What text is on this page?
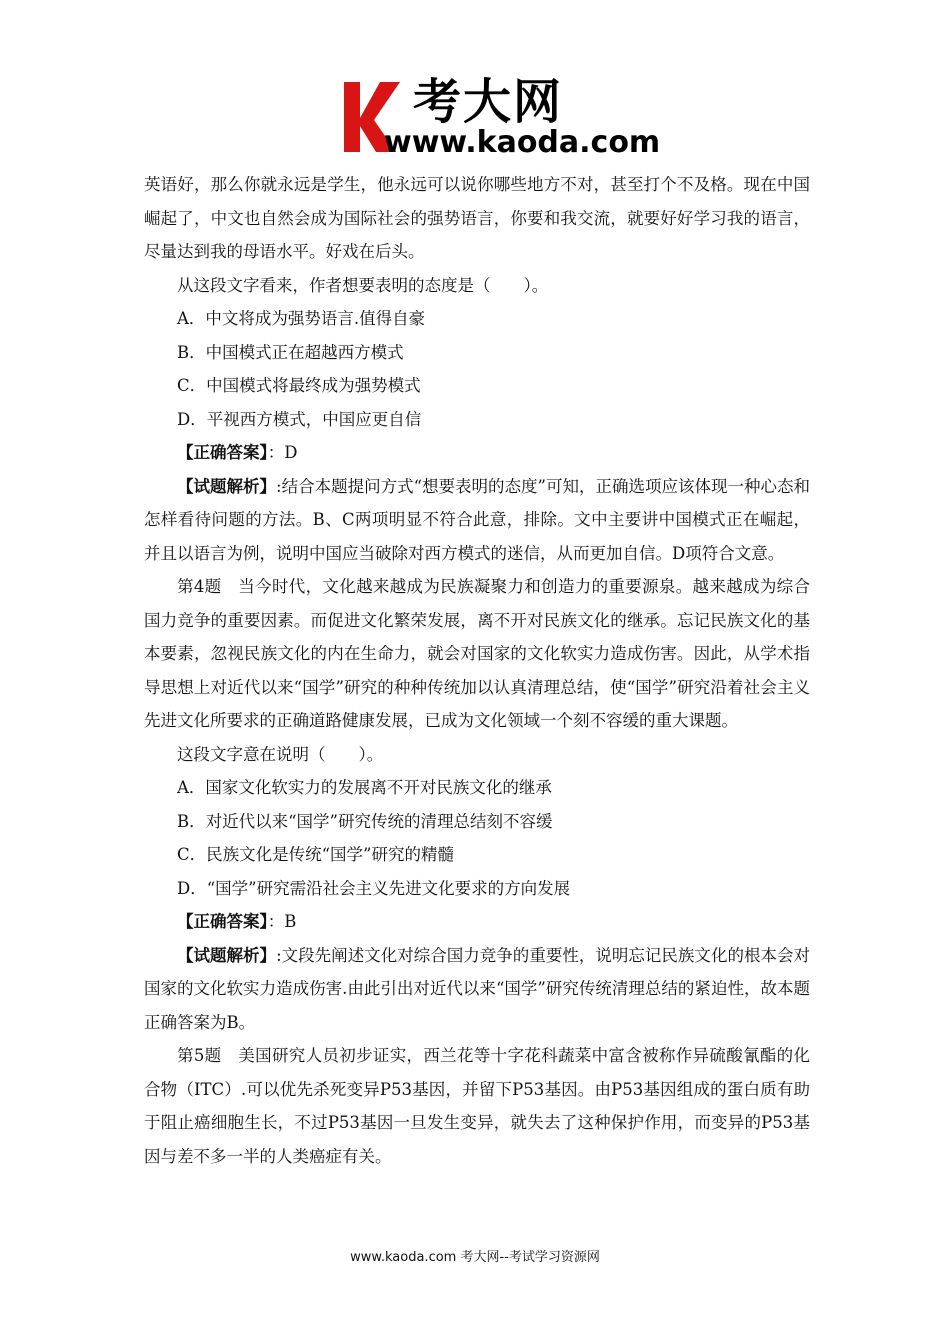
考大网
www.kaoda.com

英语好，那么你就永远是学生，他永远可以说你哪些地方不对，甚至打个不及格。现在中国崛起了，中文也自然会成为国际社会的强势语言，你要和我交流，就要好好学习我的语言，尽量达到我的母语水平。好戏在后头。

从这段文字看来，作者想要表明的态度是（　　）。

A．中文将成为强势语言.值得自豪

B．中国模式正在超越西方模式

C．中国模式将最终成为强势模式

D．平视西方模式，中国应更自信

【正确答案】：D

【试题解析】:结合本题提问方式“想要表明的态度”可知，正确选项应该体现一种心态和怎样看待问题的方法。B、C两项明显不符合此意，排除。文中主要讲中国模式正在崛起，并且以语言为例，说明中国应当破除对西方模式的迷信，从而更加自信。D项符合文意。

第4题　当今时代，文化越来越成为民族凝聚力和创造力的重要源泉。越来越成为综合国力竞争的重要因素。而促进文化繁荣发展，离不开对民族文化的继承。忘记民族文化的基本要素，忽视民族文化的内在生命力，就会对国家的文化软实力造成伤害。因此，从学术指导思想上对近代以来“国学”研究的种种传统加以认真清理总结，使“国学”研究沿着社会主义先进文化所要求的正确道路健康发展，已成为文化领域一个刻不容缓的重大课题。

这段文字意在说明（　　）。

A．国家文化软实力的发展离不开对民族文化的继承

B．对近代以来“国学”研究传统的清理总结刻不容缓

C．民族文化是传统“国学”研究的精髓

D．“国学”研究需沿社会主义先进文化要求的方向发展

【正确答案】：B

【试题解析】:文段先阐述文化对综合国力竞争的重要性，说明忘记民族文化的根本会对国家的文化软实力造成伤害.由此引出对近代以来“国学”研究传统清理总结的紧迫性，故本题正确答案为B。

第5题　美国研究人员初步证实，西兰花等十字花科蔬菜中富含被称作异硫酸氰酯的化合物（ITC）.可以优先杀死变异P53基因，并留下P53基因。由P53基因组成的蛋白质有助于阻止癌细胞生长，不过P53基因一旦发生变异，就失去了这种保护作用，而变异的P53基因与差不多一半的人类癌症有关。

www.kaoda.com 考大网--考试学习资源网
